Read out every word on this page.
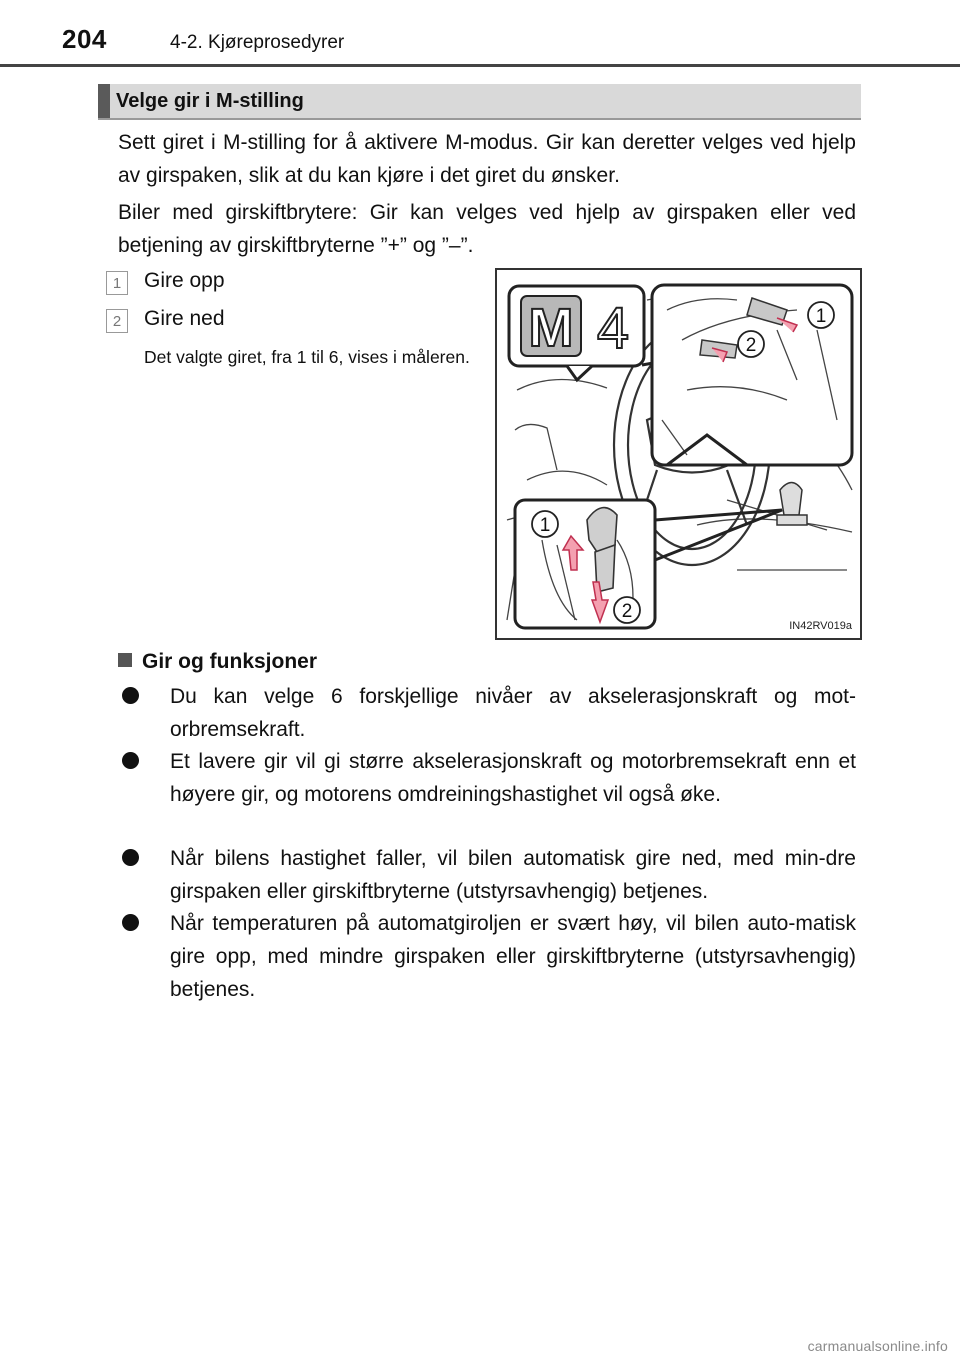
204	4-2. Kjøreprosedyrer
Velge gir i M-stilling
Sett giret i M-stilling for å aktivere M-modus. Gir kan deretter velges ved hjelp av girspaken, slik at du kan kjøre i det giret du ønsker.
Biler med girskiftbrytere: Gir kan velges ved hjelp av girspaken eller ved betjening av girskiftbryterne ”+” og ”–”.
1	Gire opp
2	Gire ned
Det valgte giret, fra 1 til 6, vises i måleren. M 4	1
2
1
2
IN42RV019a
Gir og funksjoner
Du kan velge 6 forskjellige nivåer av akselerasjonskraft og mot-orbremsekraft.
Et lavere gir vil gi større akselerasjonskraft og motorbremsekraft enn et høyere gir, og motorens omdreiningshastighet vil også øke.
Når bilens hastighet faller, vil bilen automatisk gire ned, med min-dre girspaken eller girskiftbryterne (utstyrsavhengig) betjenes.
Når temperaturen på automatgiroljen er svært høy, vil bilen auto-matisk gire opp, med mindre girspaken eller girskiftbryterne (utstyrsavhengig) betjenes.
carmanualsonline.info
